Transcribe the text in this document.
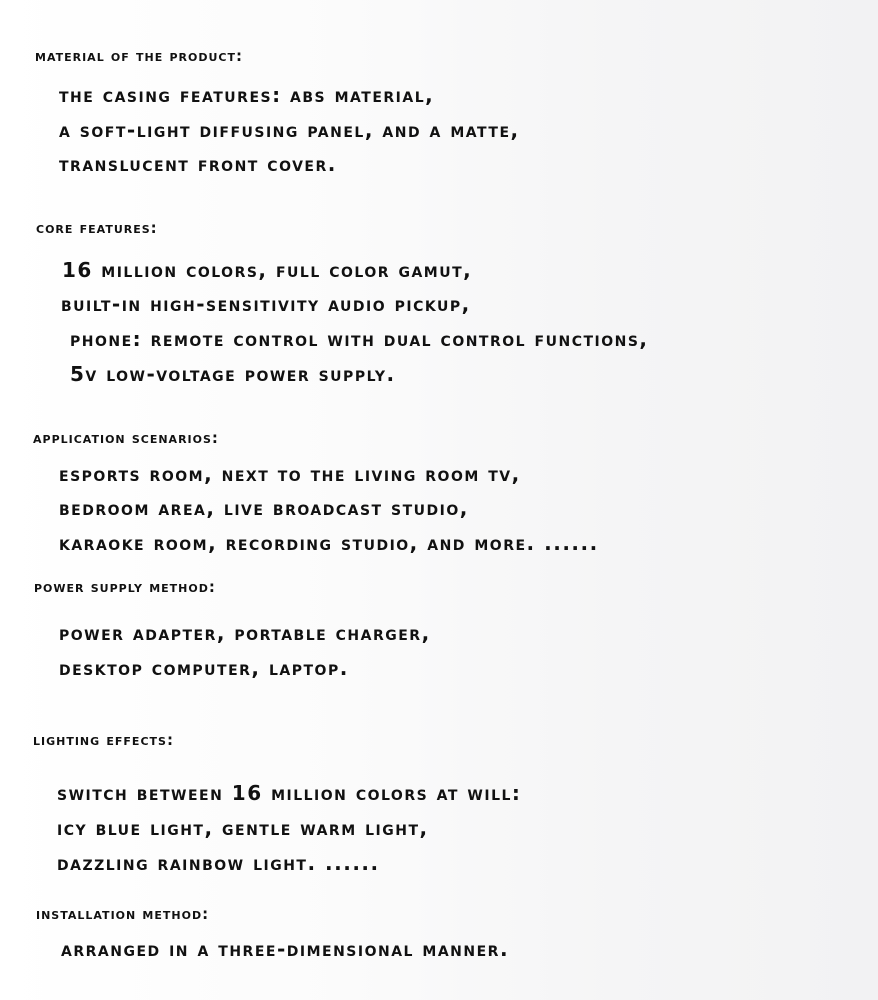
material of the product:

the casing features: abs material,

a soft-light diffusing panel, and a matte,

translucent front cover.

core features:

16 million colors, full color gamut,

built-in high-sensitivity audio pickup,

phone: remote control with dual control functions,

5v low-voltage power supply.

application scenarios:

esports room, next to the living room tv,

bedroom area, live broadcast studio,

karaoke room, recording studio, and more. ......

power supply method:

power adapter, portable charger,

desktop computer, laptop.

lighting effects:

switch between 16 million colors at will:

icy blue light, gentle warm light,

dazzling rainbow light. ......

installation method:

arranged in a three-dimensional manner.
